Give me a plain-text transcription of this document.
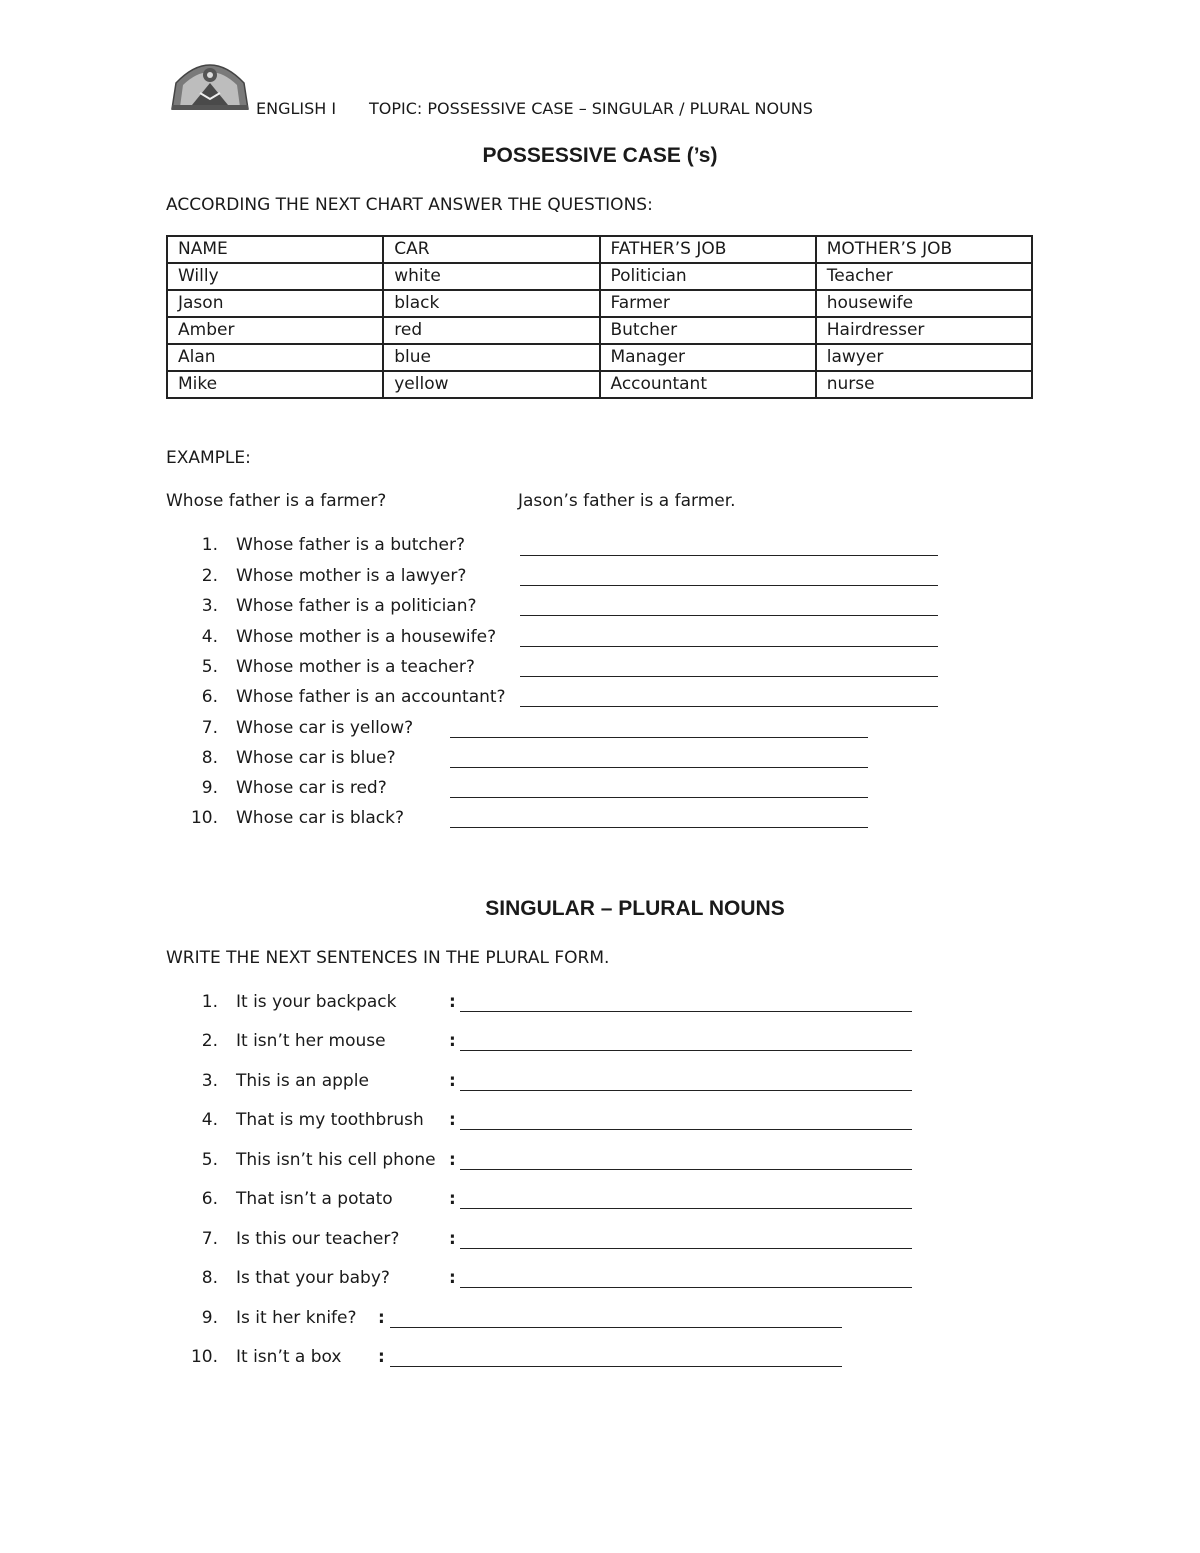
ENGLISH I TOPIC: POSSESSIVE CASE – SINGULAR / PLURAL NOUNS
POSSESSIVE CASE (’s)
ACCORDING THE NEXT CHART ANSWER THE QUESTIONS:
NAME	CAR	FATHER’S JOB	MOTHER’S JOB
Willy	white	Politician	Teacher
Jason	black	Farmer	housewife
Amber	red	Butcher	Hairdresser
Alan	blue	Manager	lawyer
Mike	yellow	Accountant	nurse
EXAMPLE:
Whose father is a farmer?	Jason’s father is a farmer.
1. Whose father is a butcher?
2. Whose mother is a lawyer?
3. Whose father is a politician?
4. Whose mother is a housewife?
5. Whose mother is a teacher?
6. Whose father is an accountant?
7. Whose car is yellow?
8. Whose car is blue?
9. Whose car is red?
10. Whose car is black?
SINGULAR – PLURAL NOUNS
WRITE THE NEXT SENTENCES IN THE PLURAL FORM.
1. It is your backpack	:
2. It isn’t her mouse	:
3. This is an apple	:
4. That is my toothbrush :
5. This isn’t his cell phone :
6. That isn’t a potato	:
7. Is this our teacher?	:
8. Is that your baby?	:
9. Is it her knife? :
10. It isn’t a box :
